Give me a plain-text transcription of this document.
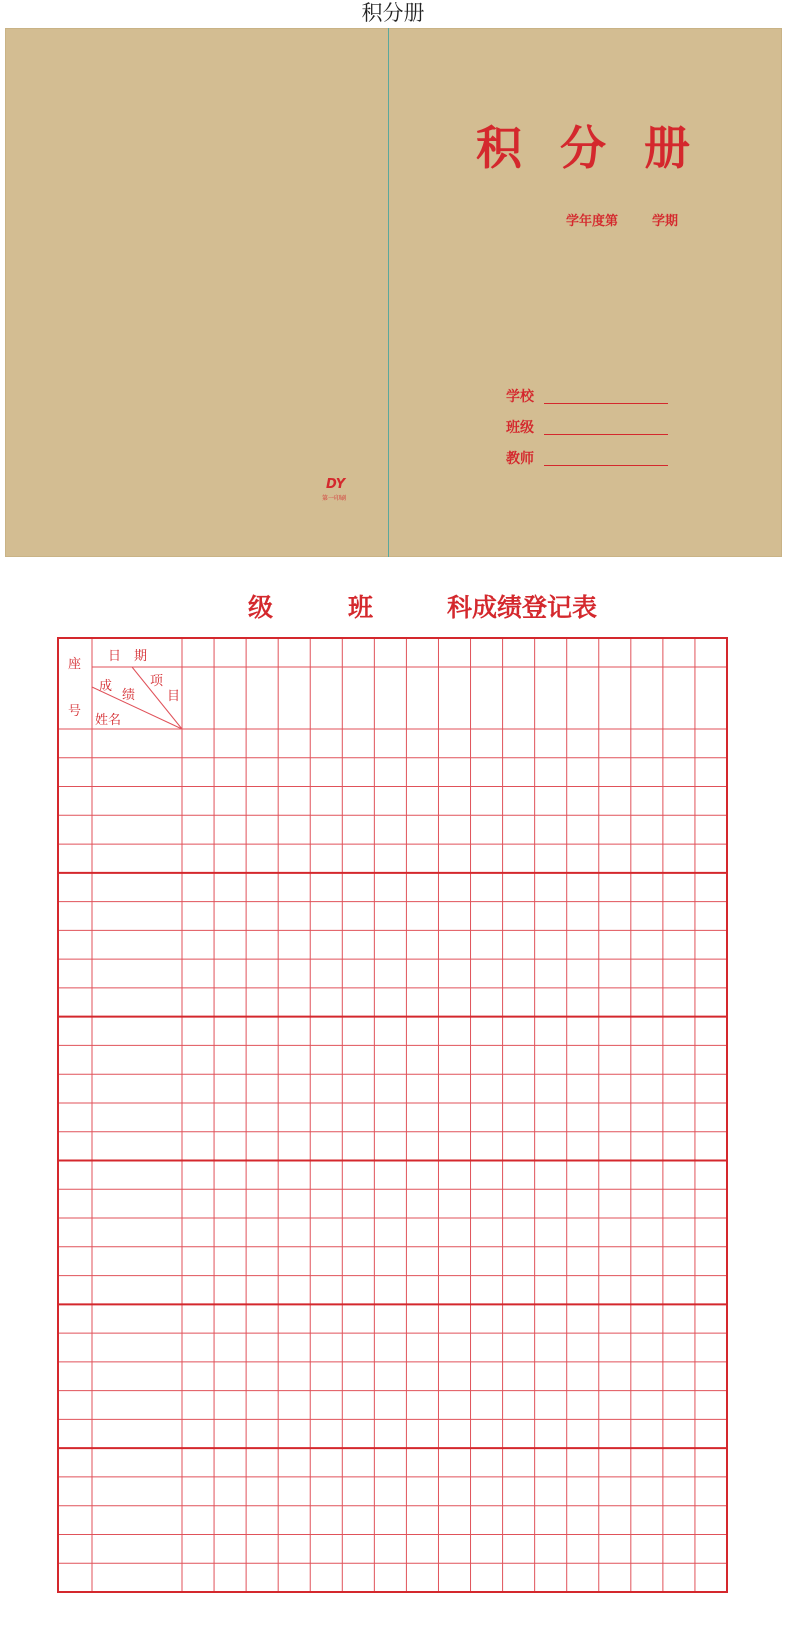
积分册
积 分 册
学年度第	学期
学校
班级
教师
DY
第一印刷
级	班	科成绩登记表
座
号
日　期
成
绩
项
目
姓名
